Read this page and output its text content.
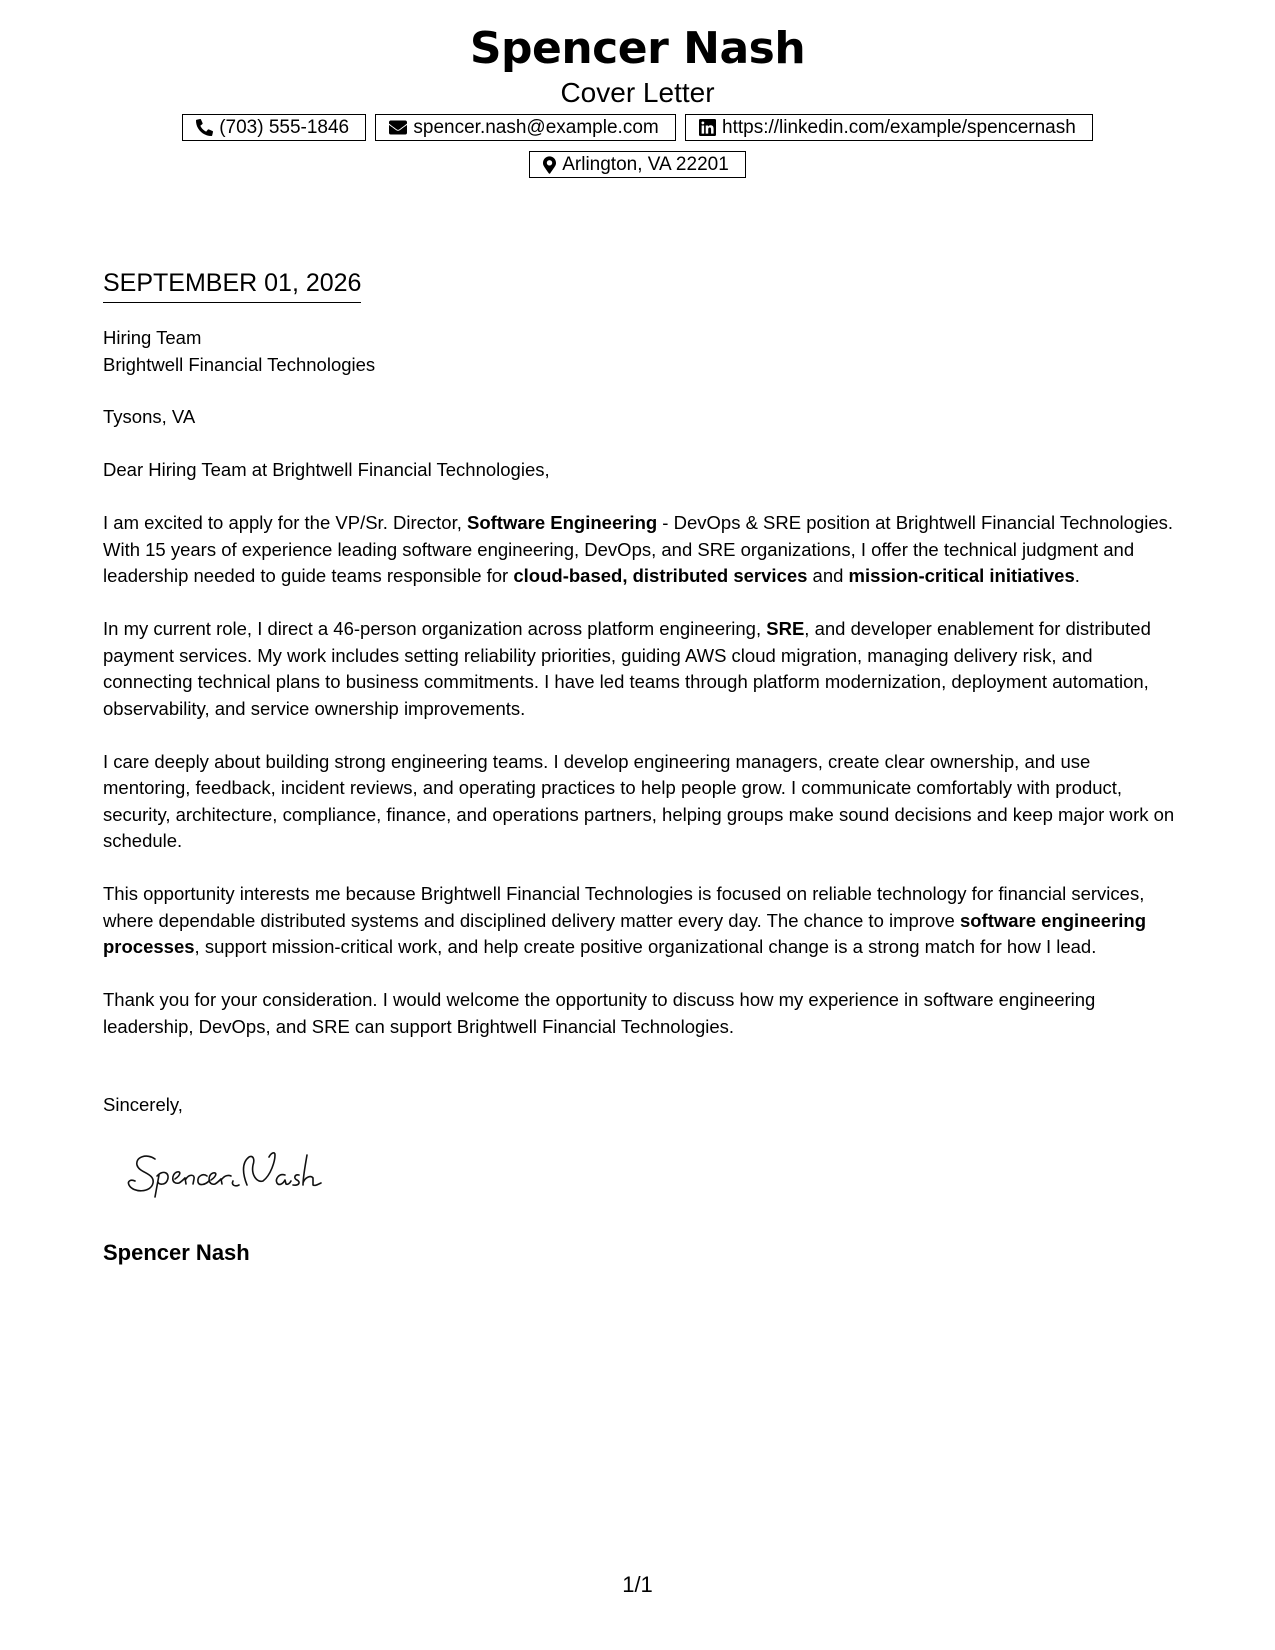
Spencer Nash
Cover Letter
(703) 555-1846
	spencer.nash@example.com
	https://linkedin.com/example/spencernash
Arlington, VA 22201
SEPTEMBER 01, 2026

Hiring Team

Brightwell Financial Technologies

Tysons, VA

Dear Hiring Team at Brightwell Financial Technologies,

I am excited to apply for the VP/Sr. Director, Software Engineering - DevOps & SRE position at Brightwell Financial Technologies. With 15 years of experience leading software engineering, DevOps, and SRE organizations, I offer the technical judgment and leadership needed to guide teams responsible for cloud-based, distributed services and mission-critical initiatives.

In my current role, I direct a 46-person organization across platform engineering, SRE, and developer enablement for distributed payment services. My work includes setting reliability priorities, guiding AWS cloud migration, managing delivery risk, and connecting technical plans to business commitments. I have led teams through platform modernization, deployment automation, observability, and service ownership improvements.

I care deeply about building strong engineering teams. I develop engineering managers, create clear ownership, and use mentoring, feedback, incident reviews, and operating practices to help people grow. I communicate comfortably with product, security, architecture, compliance, finance, and operations partners, helping groups make sound decisions and keep major work on schedule.

This opportunity interests me because Brightwell Financial Technologies is focused on reliable technology for financial services, where dependable distributed systems and disciplined delivery matter every day. The chance to improve software engineering processes, support mission-critical work, and help create positive organizational change is a strong match for how I lead.

Thank you for your consideration. I would welcome the opportunity to discuss how my experience in software engineering leadership, DevOps, and SRE can support Brightwell Financial Technologies.

Sincerely,
Spencer Nash
1/1
